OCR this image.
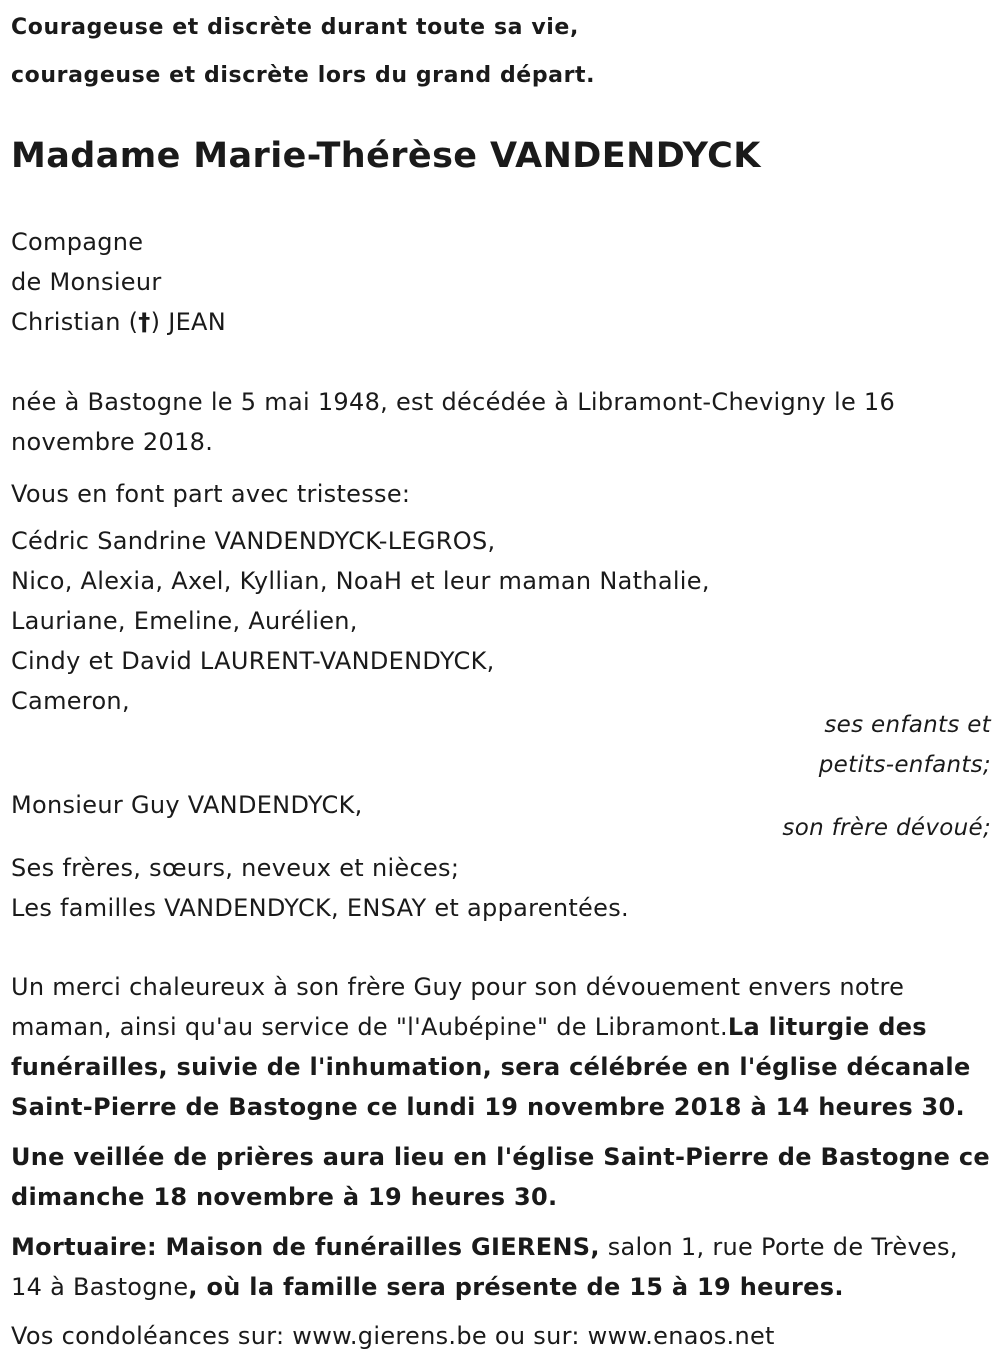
Courageuse et discrète durant toute sa vie,
courageuse et discrète lors du grand départ.
Madame Marie-Thérèse VANDENDYCK
Compagne
de Monsieur
Christian (†) JEAN
née à Bastogne le 5 mai 1948, est décédée à Libramont-Chevigny le 16
novembre 2018.
Vous en font part avec tristesse:
Cédric Sandrine VANDENDYCK-LEGROS,
Nico, Alexia, Axel, Kyllian, NoaH et leur maman Nathalie,
Lauriane, Emeline, Aurélien,
Cindy et David LAURENT-VANDENDYCK,
Cameron,
ses enfants et
petits-enfants;
Monsieur Guy VANDENDYCK,
son frère dévoué;
Ses frères, sœurs, neveux et nièces;
Les familles VANDENDYCK, ENSAY et apparentées.
Un merci chaleureux à son frère Guy pour son dévouement envers notre
maman, ainsi qu'au service de "l'Aubépine" de Libramont.La liturgie des
funérailles, suivie de l'inhumation, sera célébrée en l'église décanale
Saint-Pierre de Bastogne ce lundi 19 novembre 2018 à 14 heures 30.
Une veillée de prières aura lieu en l'église Saint-Pierre de Bastogne ce
dimanche 18 novembre à 19 heures 30.
Mortuaire: Maison de funérailles GIERENS, salon 1, rue Porte de Trèves,
14 à Bastogne, où la famille sera présente de 15 à 19 heures.
Vos condoléances sur: www.gierens.be ou sur: www.enaos.net
